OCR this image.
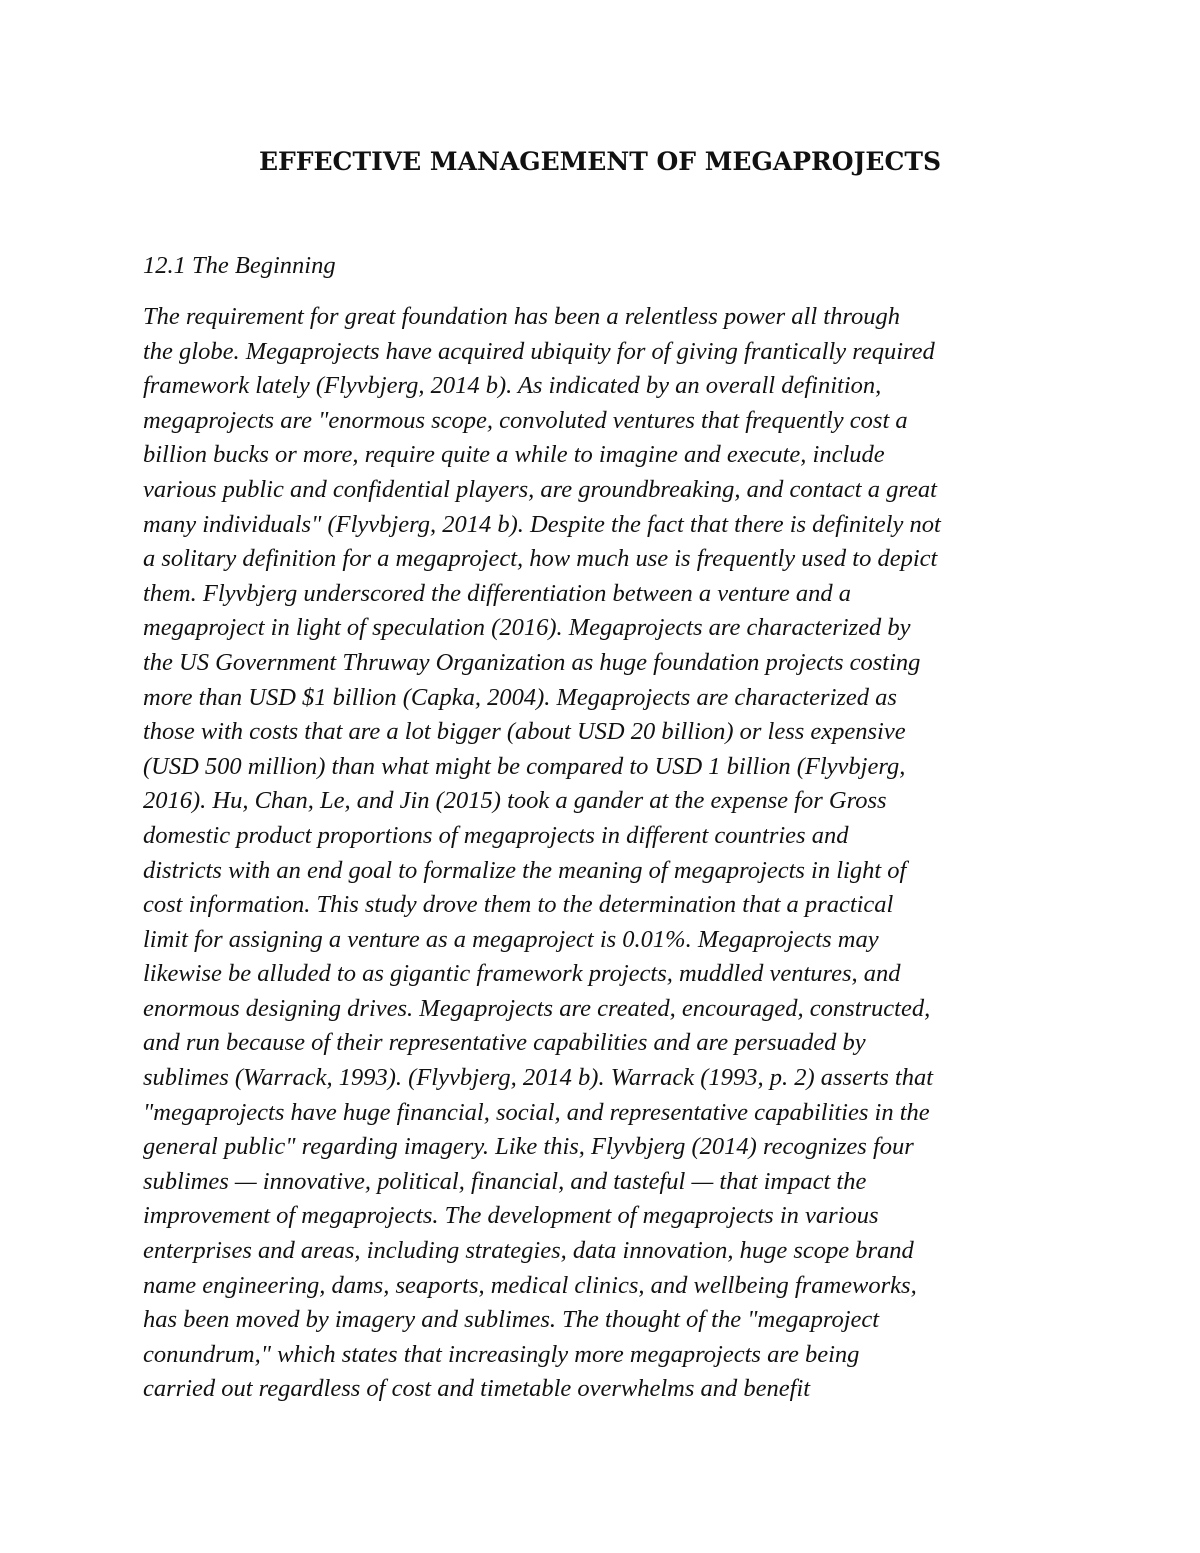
EFFECTIVE MANAGEMENT OF MEGAPROJECTS
12.1 The Beginning
The requirement for great foundation has been a relentless power all through
the globe. Megaprojects have acquired ubiquity for of giving frantically required
framework lately (Flyvbjerg, 2014 b). As indicated by an overall definition,
megaprojects are "enormous scope, convoluted ventures that frequently cost a
billion bucks or more, require quite a while to imagine and execute, include
various public and confidential players, are groundbreaking, and contact a great
many individuals" (Flyvbjerg, 2014 b). Despite the fact that there is definitely not
a solitary definition for a megaproject, how much use is frequently used to depict
them. Flyvbjerg underscored the differentiation between a venture and a
megaproject in light of speculation (2016). Megaprojects are characterized by
the US Government Thruway Organization as huge foundation projects costing
more than USD $1 billion (Capka, 2004). Megaprojects are characterized as
those with costs that are a lot bigger (about USD 20 billion) or less expensive
(USD 500 million) than what might be compared to USD 1 billion (Flyvbjerg,
2016). Hu, Chan, Le, and Jin (2015) took a gander at the expense for Gross
domestic product proportions of megaprojects in different countries and
districts with an end goal to formalize the meaning of megaprojects in light of
cost information. This study drove them to the determination that a practical
limit for assigning a venture as a megaproject is 0.01%. Megaprojects may
likewise be alluded to as gigantic framework projects, muddled ventures, and
enormous designing drives. Megaprojects are created, encouraged, constructed,
and run because of their representative capabilities and are persuaded by
sublimes (Warrack, 1993). (Flyvbjerg, 2014 b). Warrack (1993, p. 2) asserts that
"megaprojects have huge financial, social, and representative capabilities in the
general public" regarding imagery. Like this, Flyvbjerg (2014) recognizes four
sublimes — innovative, political, financial, and tasteful — that impact the
improvement of megaprojects. The development of megaprojects in various
enterprises and areas, including strategies, data innovation, huge scope brand
name engineering, dams, seaports, medical clinics, and wellbeing frameworks,
has been moved by imagery and sublimes. The thought of the "megaproject
conundrum," which states that increasingly more megaprojects are being
carried out regardless of cost and timetable overwhelms and benefit
